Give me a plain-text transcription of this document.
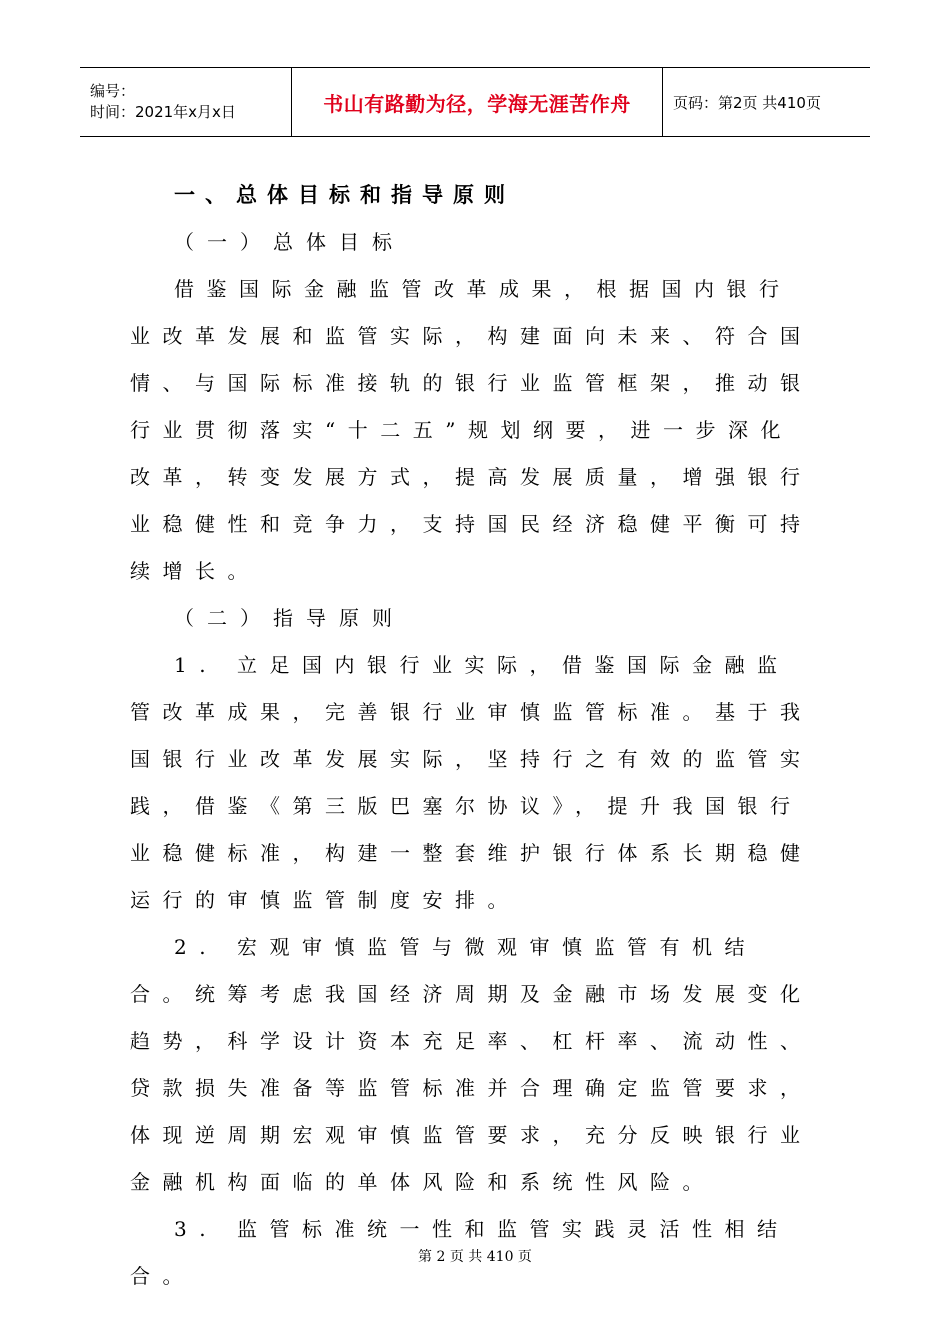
编号：
时间：2021年x月x日	书山有路勤为径，学海无涯苦作舟	页码：第2页 共410页
一、总体目标和指导原则
（一）总体目标

借鉴国际金融监管改革成果，根据国内银行业改革发展和监管实际，构建面向未来、符合国情、与国际标准接轨的银行业监管框架，推动银行业贯彻落实“十二五”规划纲要，进一步深化改革，转变发展方式，提高发展质量，增强银行业稳健性和竞争力，支持国民经济稳健平衡可持续增长。

（二）指导原则

1. 立足国内银行业实际，借鉴国际金融监管改革成果，完善银行业审慎监管标准。基于我国银行业改革发展实际，坚持行之有效的监管实践，借鉴《第三版巴塞尔协议》，提升我国银行业稳健标准，构建一整套维护银行体系长期稳健运行的审慎监管制度安排。

2. 宏观审慎监管与微观审慎监管有机结合。统筹考虑我国经济周期及金融市场发展变化趋势，科学设计资本充足率、杠杆率、流动性、贷款损失准备等监管标准并合理确定监管要求，体现逆周期宏观审慎监管要求，充分反映银行业金融机构面临的单体风险和系统性风险。

3. 监管标准统一性和监管实践灵活性相结合。

第 2 页 共 410 页
